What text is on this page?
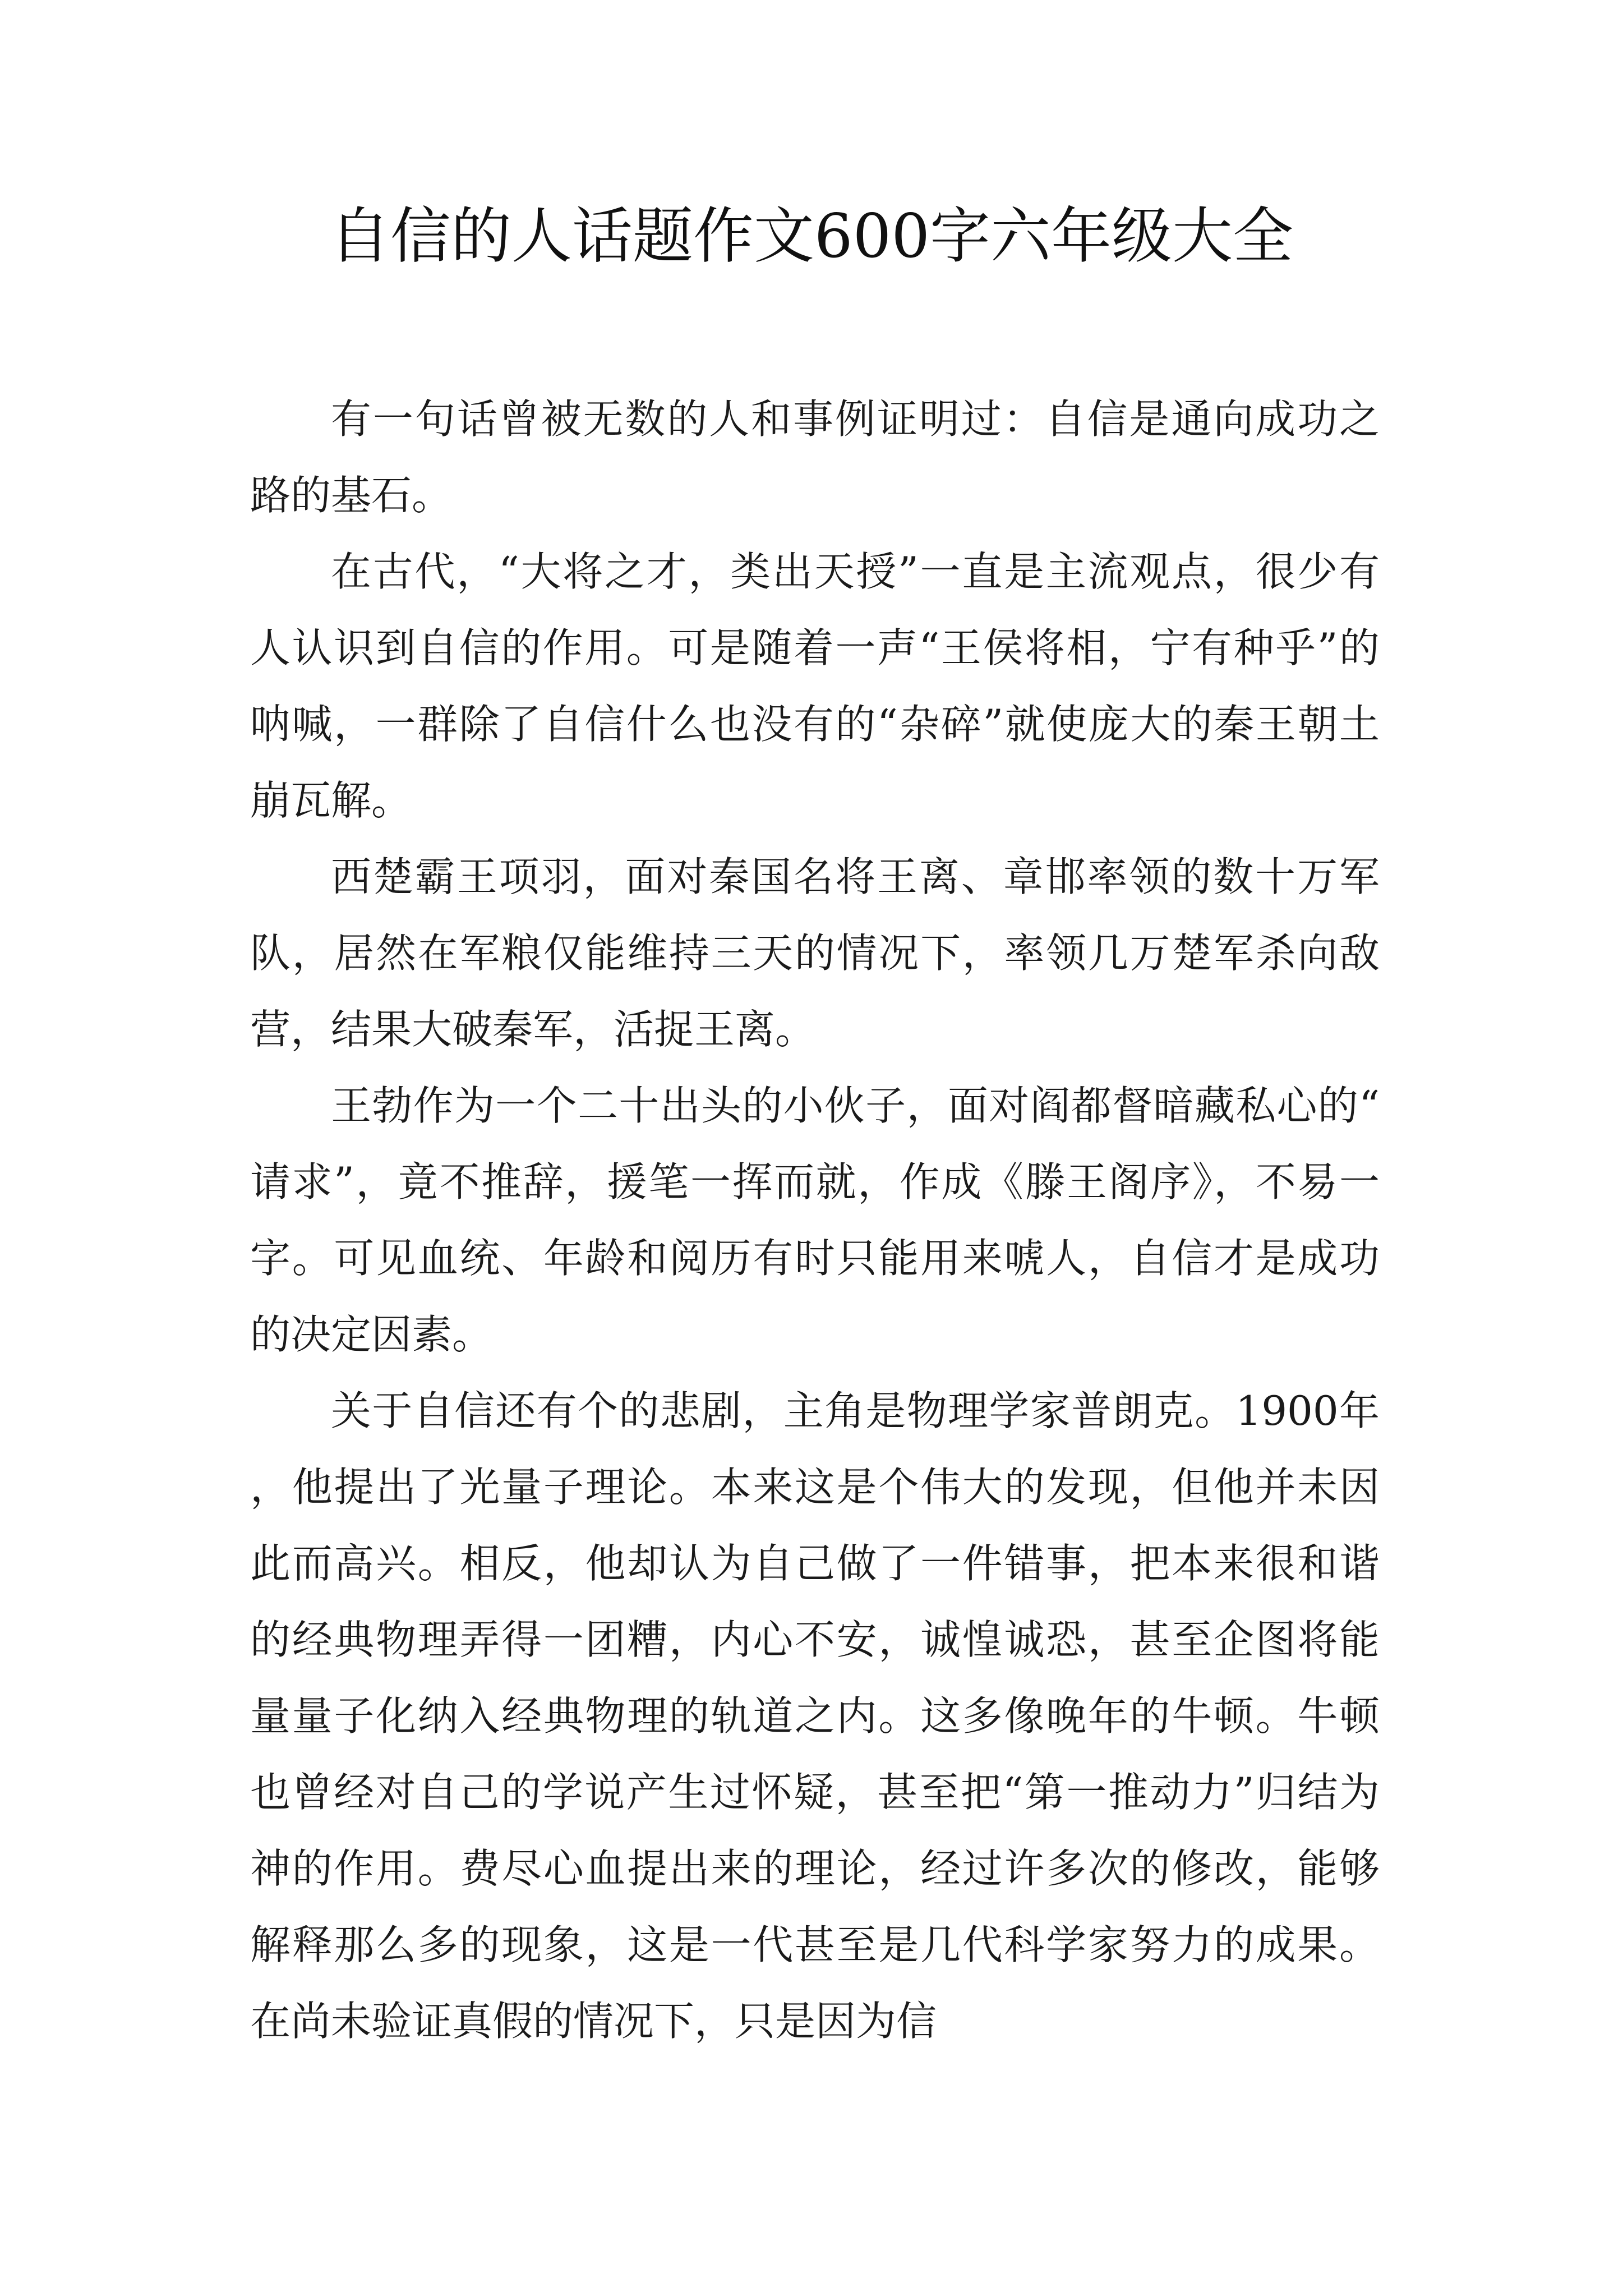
自信的人话题作文600字六年级大全

有一句话曾被无数的人和事例证明过：自信是通向成功之路的基石。

在古代，“大将之才，类出天授”一直是主流观点，很少有人认识到自信的作用。可是随着一声“王侯将相，宁有种乎”的呐喊，一群除了自信什么也没有的“杂碎”就使庞大的秦王朝土崩瓦解。

西楚霸王项羽，面对秦国名将王离、章邯率领的数十万军队，居然在军粮仅能维持三天的情况下，率领几万楚军杀向敌营，结果大破秦军，活捉王离。

王勃作为一个二十出头的小伙子，面对阎都督暗藏私心的“请求”，竟不推辞，援笔一挥而就，作成《滕王阁序》，不易一字。可见血统、年龄和阅历有时只能用来唬人，自信才是成功的决定因素。

关于自信还有个的悲剧，主角是物理学家普朗克。1900年，他提出了光量子理论。本来这是个伟大的发现，但他并未因此而高兴。相反，他却认为自己做了一件错事，把本来很和谐的经典物理弄得一团糟，内心不安，诚惶诚恐，甚至企图将能量量子化纳入经典物理的轨道之内。这多像晚年的牛顿。牛顿也曾经对自己的学说产生过怀疑，甚至把“第一推动力”归结为神的作用。费尽心血提出来的理论，经过许多次的修改，能够解释那么多的现象，这是一代甚至是几代科学家努力的成果。在尚未验证真假的情况下，只是因为信
